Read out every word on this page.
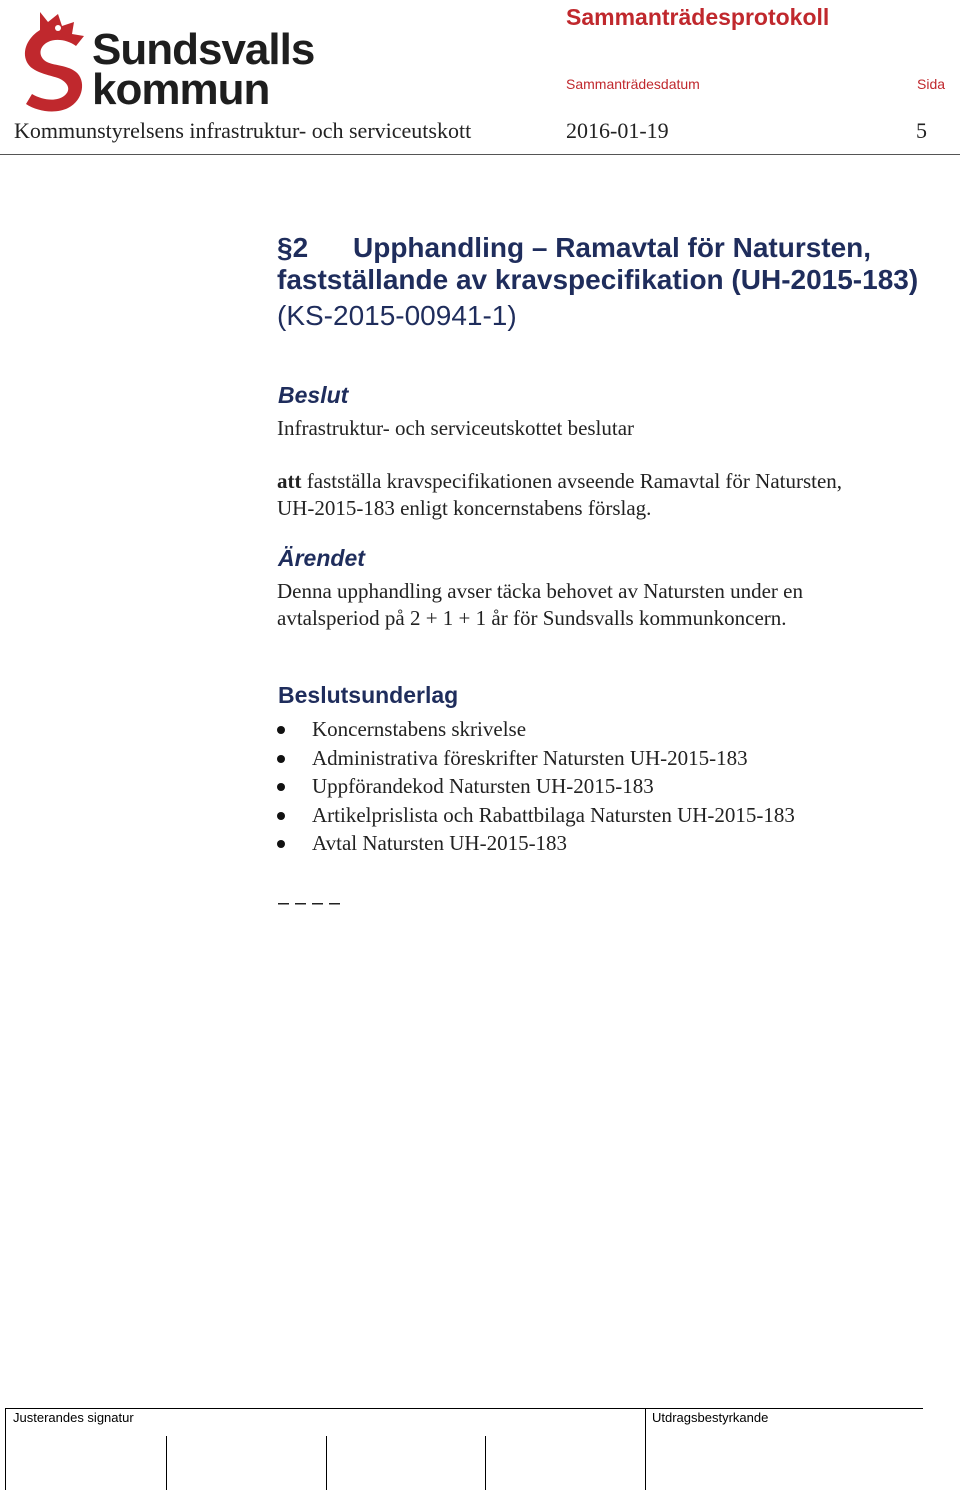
Sundsvalls
kommun
Sammanträdesprotokoll
Sammanträdesdatum	Sida
Kommunstyrelsens infrastruktur- och serviceutskott	2016-01-19	5
§2 Upphandling – Ramavtal för Natursten,
fastställande av kravspecifikation (UH-2015-183)
(KS-2015-00941-1)
Beslut
Infrastruktur- och serviceutskottet beslutar
att fastställa kravspecifikationen avseende Ramavtal för Natursten,
UH-2015-183 enligt koncernstabens förslag.
Ärendet
Denna upphandling avser täcka behovet av Natursten under en
avtalsperiod på 2 + 1 + 1 år för Sundsvalls kommunkoncern.
Beslutsunderlag
Koncernstabens skrivelse
Administrativa föreskrifter Natursten UH-2015-183
Uppförandekod Natursten UH-2015-183
Artikelprislista och Rabattbilaga Natursten UH-2015-183
Avtal Natursten UH-2015-183
Justerandes signatur	Utdragsbestyrkande
